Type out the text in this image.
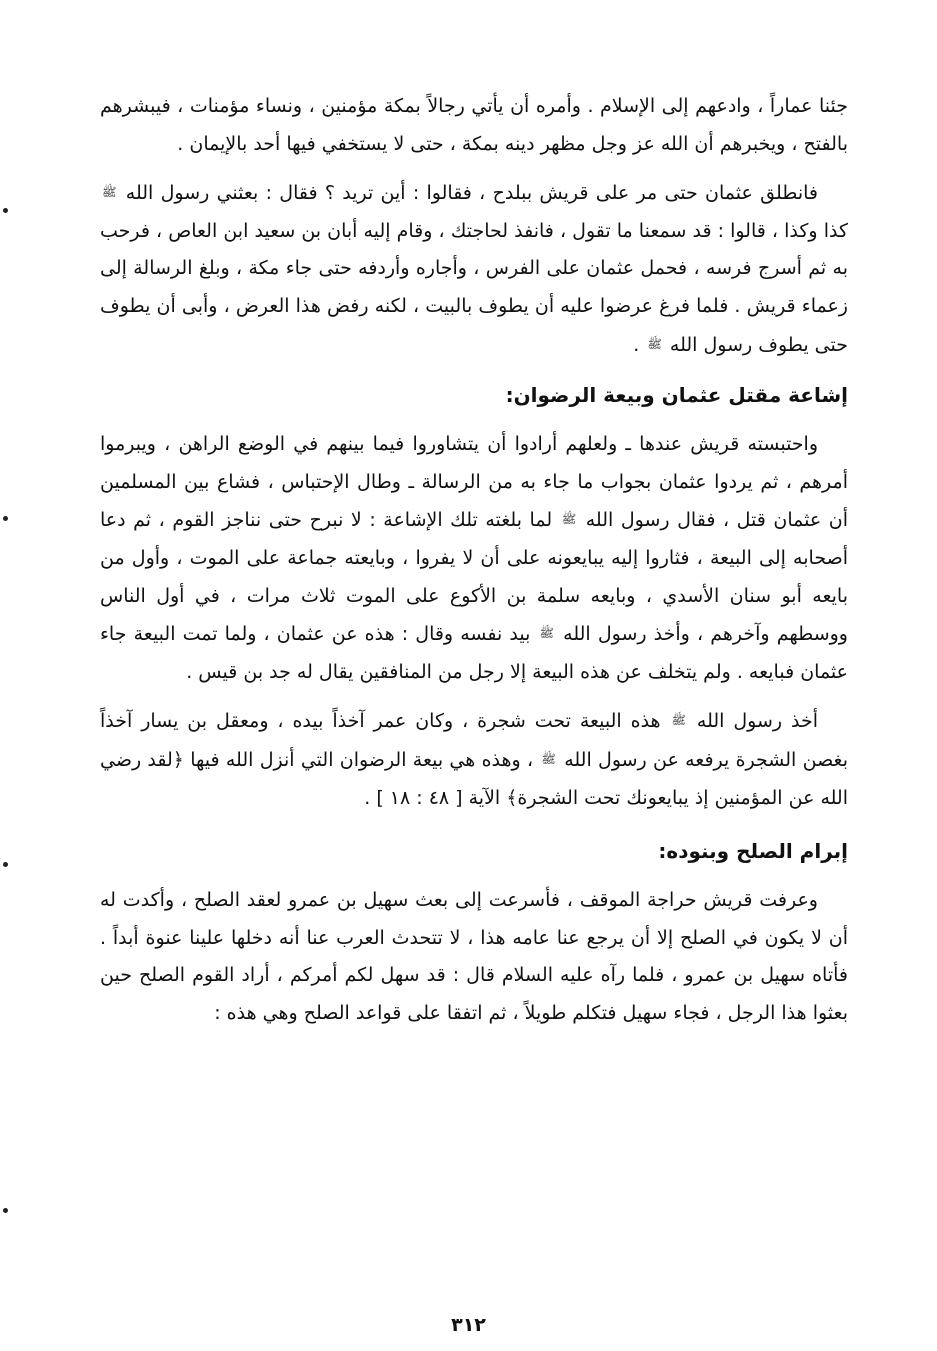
جئنا عماراً ، وادعهم إلى الإسلام . وأمره أن يأتي رجالاً بمكة مؤمنين ، ونساء مؤمنات ، فيبشرهم بالفتح ، ويخبرهم أن الله عز وجل مظهر دينه بمكة ، حتى لا يستخفي فيها أحد بالإيمان .

فانطلق عثمان حتى مر على قريش ببلدح ، فقالوا : أين تريد ؟ فقال : بعثني رسول الله ﷺ كذا وكذا ، قالوا : قد سمعنا ما تقول ، فانفذ لحاجتك ، وقام إليه أبان بن سعيد ابن العاص ، فرحب به ثم أسرج فرسه ، فحمل عثمان على الفرس ، وأجاره وأردفه حتى جاء مكة ، وبلغ الرسالة إلى زعماء قريش . فلما فرغ عرضوا عليه أن يطوف بالبيت ، لكنه رفض هذا العرض ، وأبى أن يطوف حتى يطوف رسول الله ﷺ .

إشاعة مقتل عثمان وبيعة الرضوان:

واحتبسته قريش عندها ـ ولعلهم أرادوا أن يتشاوروا فيما بينهم في الوضع الراهن ، ويبرموا أمرهم ، ثم يردوا عثمان بجواب ما جاء به من الرسالة ـ وطال الإحتباس ، فشاع بين المسلمين أن عثمان قتل ، فقال رسول الله ﷺ لما بلغته تلك الإشاعة : لا نبرح حتى نناجز القوم ، ثم دعا أصحابه إلى البيعة ، فثاروا إليه يبايعونه على أن لا يفروا ، وبايعته جماعة على الموت ، وأول من بايعه أبو سنان الأسدي ، وبايعه سلمة بن الأكوع على الموت ثلاث مرات ، في أول الناس ووسطهم وآخرهم ، وأخذ رسول الله ﷺ بيد نفسه وقال : هذه عن عثمان ، ولما تمت البيعة جاء عثمان فبايعه . ولم يتخلف عن هذه البيعة إلا رجل من المنافقين يقال له جد بن قيس .

أخذ رسول الله ﷺ هذه البيعة تحت شجرة ، وكان عمر آخذاً بيده ، ومعقل بن يسار آخذاً بغصن الشجرة يرفعه عن رسول الله ﷺ ، وهذه هي بيعة الرضوان التي أنزل الله فيها ﴿لقد رضي الله عن المؤمنين إذ يبايعونك تحت الشجرة﴾ الآية [ ٤٨ : ١٨ ] .

إبرام الصلح وبنوده:

وعرفت قريش حراجة الموقف ، فأسرعت إلى بعث سهيل بن عمرو لعقد الصلح ، وأكدت له أن لا يكون في الصلح إلا أن يرجع عنا عامه هذا ، لا تتحدث العرب عنا أنه دخلها علينا عنوة أبداً . فأتاه سهيل بن عمرو ، فلما رآه عليه السلام قال : قد سهل لكم أمركم ، أراد القوم الصلح حين بعثوا هذا الرجل ، فجاء سهيل فتكلم طويلاً ، ثم اتفقا على قواعد الصلح وهي هذه :

٣١٢
